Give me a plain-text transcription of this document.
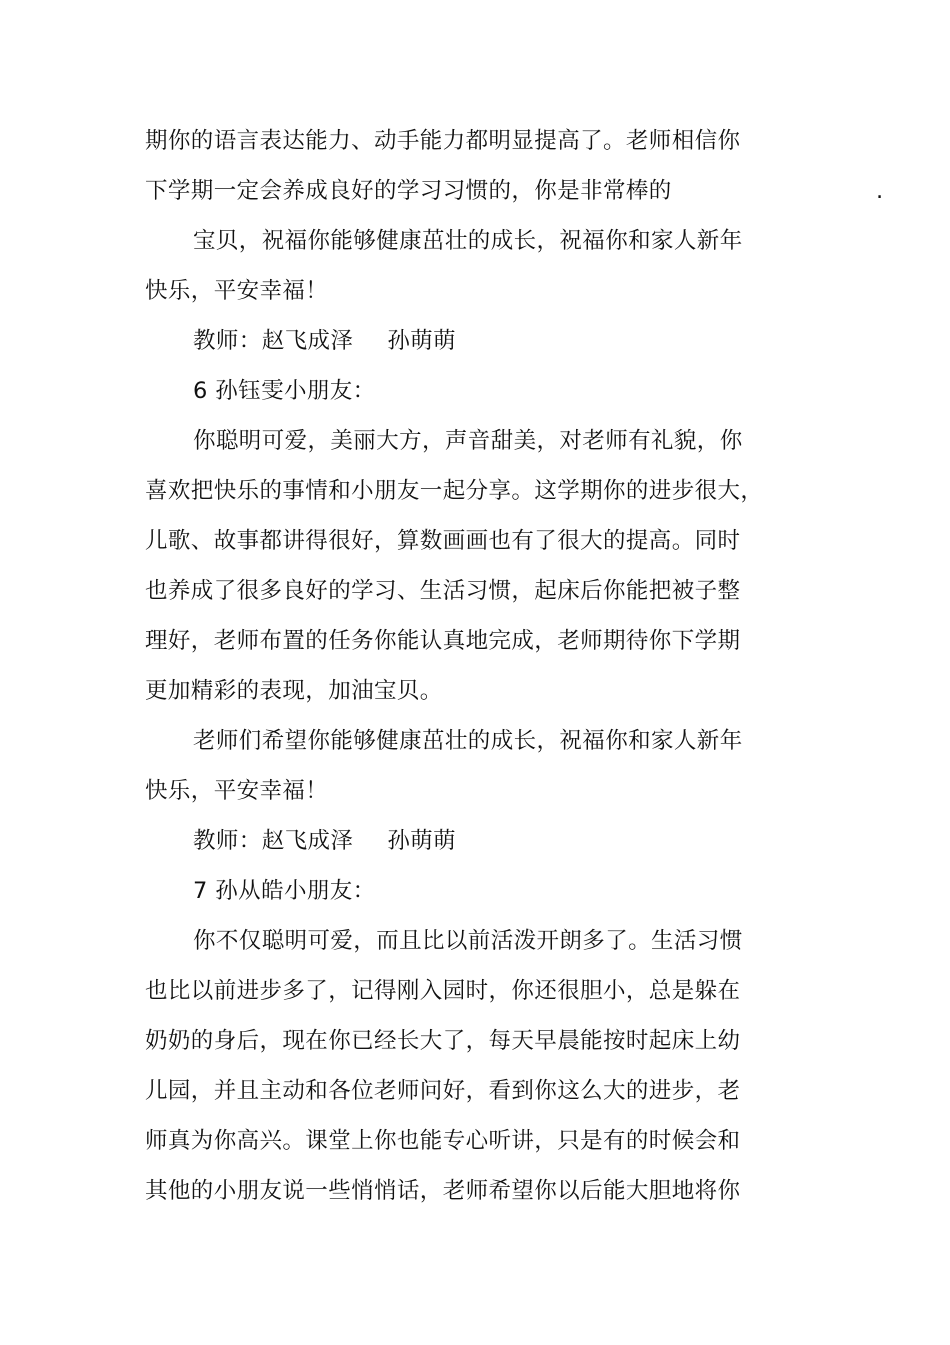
期你的语言表达能力、动手能力都明显提高了。老师相信你
下学期一定会养成良好的学习习惯的，你是非常棒的	.
宝贝，祝福你能够健康茁壮的成长，祝福你和家人新年
快乐，平安幸福！
教师：赵飞成泽 孙萌萌
6 孙钰雯小朋友：
你聪明可爱，美丽大方，声音甜美，对老师有礼貌，你
喜欢把快乐的事情和小朋友一起分享。这学期你的进步很大，
儿歌、故事都讲得很好，算数画画也有了很大的提高。同时
也养成了很多良好的学习、生活习惯，起床后你能把被子整
理好，老师布置的任务你能认真地完成，老师期待你下学期
更加精彩的表现，加油宝贝。
老师们希望你能够健康茁壮的成长，祝福你和家人新年
快乐，平安幸福！
教师：赵飞成泽 孙萌萌
7 孙从皓小朋友：
你不仅聪明可爱，而且比以前活泼开朗多了。生活习惯
也比以前进步多了，记得刚入园时，你还很胆小，总是躲在
奶奶的身后，现在你已经长大了，每天早晨能按时起床上幼
儿园，并且主动和各位老师问好，看到你这么大的进步，老
师真为你高兴。课堂上你也能专心听讲，只是有的时候会和
其他的小朋友说一些悄悄话，老师希望你以后能大胆地将你
